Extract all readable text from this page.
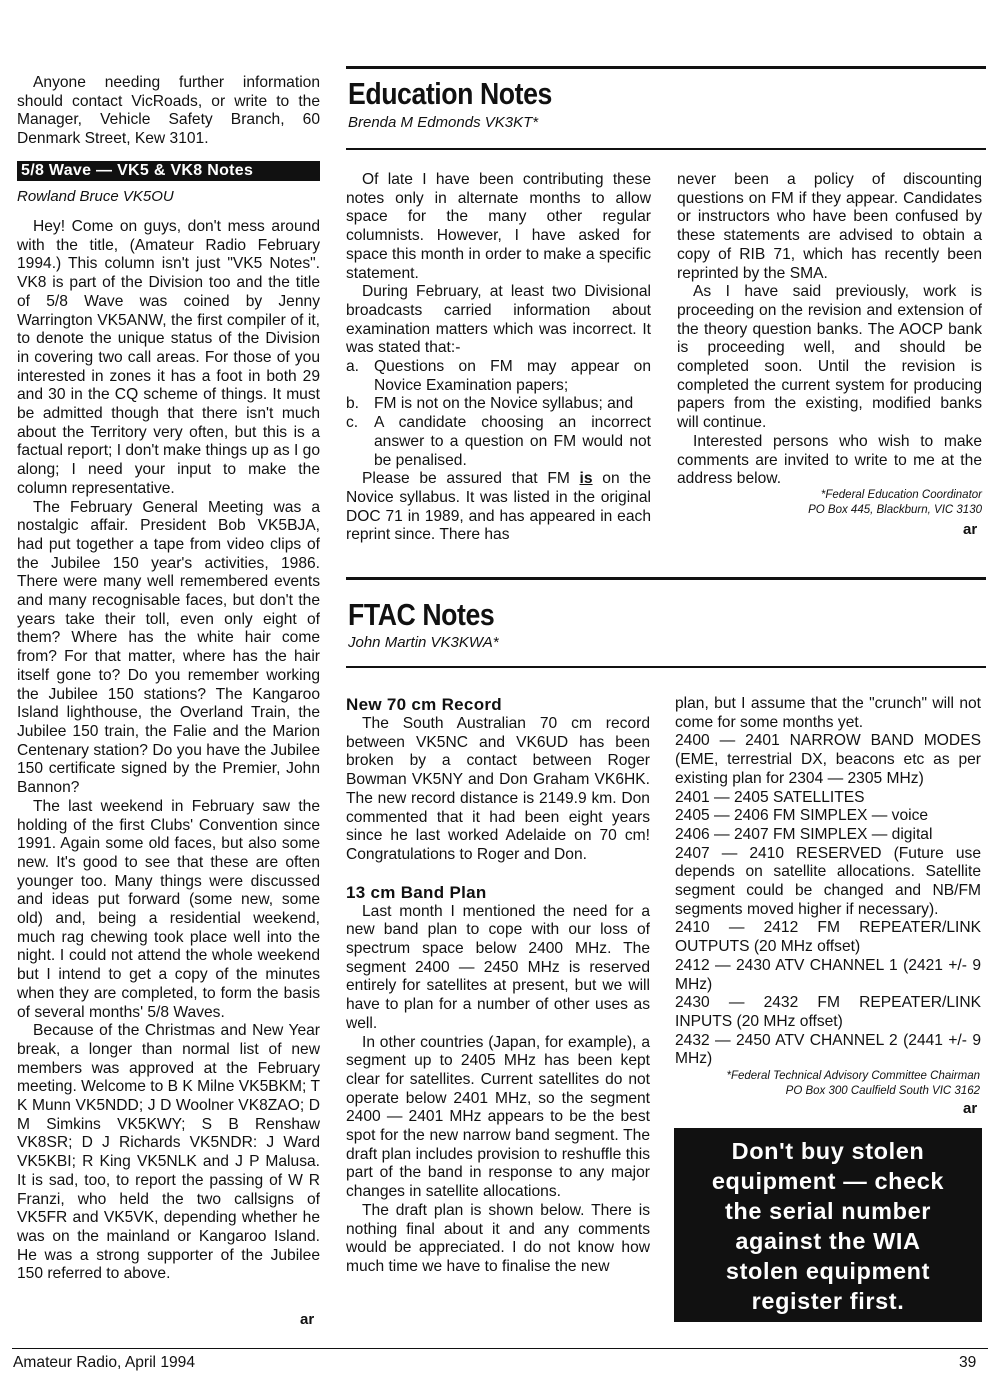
Anyone needing further information should contact VicRoads, or write to the Manager, Vehicle Safety Branch, 60 Denmark Street, Kew 3101.

5/8 Wave — VK5 & VK8 Notes
Rowland Bruce VK5OU

Hey! Come on guys, don't mess around with the title, (Amateur Radio February 1994.) This column isn't just "VK5 Notes". VK8 is part of the Division too and the title of 5/8 Wave was coined by Jenny Warrington VK5ANW, the first compiler of it, to denote the unique status of the Division in covering two call areas. For those of you interested in zones it has a foot in both 29 and 30 in the CQ scheme of things. It must be admitted though that there isn't much about the Territory very often, but this is a factual report; I don't make things up as I go along; I need your input to make the column representative.

The February General Meeting was a nostalgic affair. President Bob VK5BJA, had put together a tape from video clips of the Jubilee 150 year's activities, 1986. There were many well remembered events and many recognisable faces, but don't the years take their toll, even only eight of them? Where has the white hair come from? For that matter, where has the hair itself gone to? Do you remember working the Jubilee 150 stations? The Kangaroo Island lighthouse, the Overland Train, the Jubilee 150 train, the Falie and the Marion Centenary station? Do you have the Jubilee 150 certificate signed by the Premier, John Bannon?

The last weekend in February saw the holding of the first Clubs' Convention since 1991. Again some old faces, but also some new. It's good to see that these are often younger too. Many things were discussed and ideas put forward (some new, some old) and, being a residential weekend, much rag chewing took place well into the night. I could not attend the whole weekend but I intend to get a copy of the minutes when they are completed, to form the basis of several months' 5/8 Waves.

Because of the Christmas and New Year break, a longer than normal list of new members was approved at the February meeting. Welcome to B K Milne VK5BKM; T K Munn VK5NDD; J D Woolner VK8ZAO; D M Simkins VK5KWY; S B Renshaw VK8SR; D J Richards VK5NDR: J Ward VK5KBI; R King VK5NLK and J P Malusa. It is sad, too, to report the passing of W R Franzi, who held the two callsigns of VK5FR and VK5VK, depending whether he was on the mainland or Kangaroo Island. He was a strong supporter of the Jubilee 150 referred to above.

ar
Education Notes
Brenda M Edmonds VK3KT*

Of late I have been contributing these notes only in alternate months to allow space for the many other regular columnists. However, I have asked for space this month in order to make a specific statement.

During February, at least two Divisional broadcasts carried information about examination matters which was incorrect. It was stated that:-

a. Questions on FM may appear on Novice Examination papers;
b. FM is not on the Novice syllabus; and
c. A candidate choosing an incorrect answer to a question on FM would not be penalised.

Please be assured that FM is on the Novice syllabus. It was listed in the original DOC 71 in 1989, and has appeared in each reprint since. There has

never been a policy of discounting questions on FM if they appear. Candidates or instructors who have been confused by these statements are advised to obtain a copy of RIB 71, which has recently been reprinted by the SMA.

As I have said previously, work is proceeding on the revision and extension of the theory question banks. The AOCP bank is proceeding well, and should be completed soon. Until the revision is completed the current system for producing papers from the existing, modified banks will continue.

Interested persons who wish to make comments are invited to write to me at the address below.

*Federal Education Coordinator
PO Box 445, Blackburn, VIC 3130
ar
FTAC Notes
John Martin VK3KWA*
New 70 cm Record

The South Australian 70 cm record between VK5NC and VK6UD has been broken by a contact between Roger Bowman VK5NY and Don Graham VK6HK. The new record distance is 2149.9 km. Don commented that it had been eight years since he last worked Adelaide on 70 cm! Congratulations to Roger and Don.

13 cm Band Plan

Last month I mentioned the need for a new band plan to cope with our loss of spectrum space below 2400 MHz. The segment 2400 — 2450 MHz is reserved entirely for satellites at present, but we will have to plan for a number of other uses as well.

In other countries (Japan, for example), a segment up to 2405 MHz has been kept clear for satellites. Current satellites do not operate below 2401 MHz, so the segment 2400 — 2401 MHz appears to be the best spot for the new narrow band segment. The draft plan includes provision to reshuffle this part of the band in response to any major changes in satellite allocations.

The draft plan is shown below. There is nothing final about it and any comments would be appreciated. I do not know how much time we have to finalise the new

plan, but I assume that the "crunch" will not come for some months yet.

2400 — 2401 NARROW BAND MODES (EME, terrestrial DX, beacons etc as per existing plan for 2304 — 2305 MHz)
2401 — 2405 SATELLITES
2405 — 2406 FM SIMPLEX — voice
2406 — 2407 FM SIMPLEX — digital
2407 — 2410 RESERVED (Future use depends on satellite allocations. Satellite segment could be changed and NB/FM segments moved higher if necessary).
2410 — 2412 FM REPEATER/LINK OUTPUTS (20 MHz offset)
2412 — 2430 ATV CHANNEL 1 (2421 +/- 9 MHz)
2430 — 2432 FM REPEATER/LINK INPUTS (20 MHz offset)
2432 — 2450 ATV CHANNEL 2 (2441 +/- 9 MHz)
*Federal Technical Advisory Committee Chairman
PO Box 300 Caulfield South VIC 3162
ar
Don't buy stolen
equipment — check
the serial number
against the WIA
stolen equipment
register first.
Amateur Radio, April 1994	39
